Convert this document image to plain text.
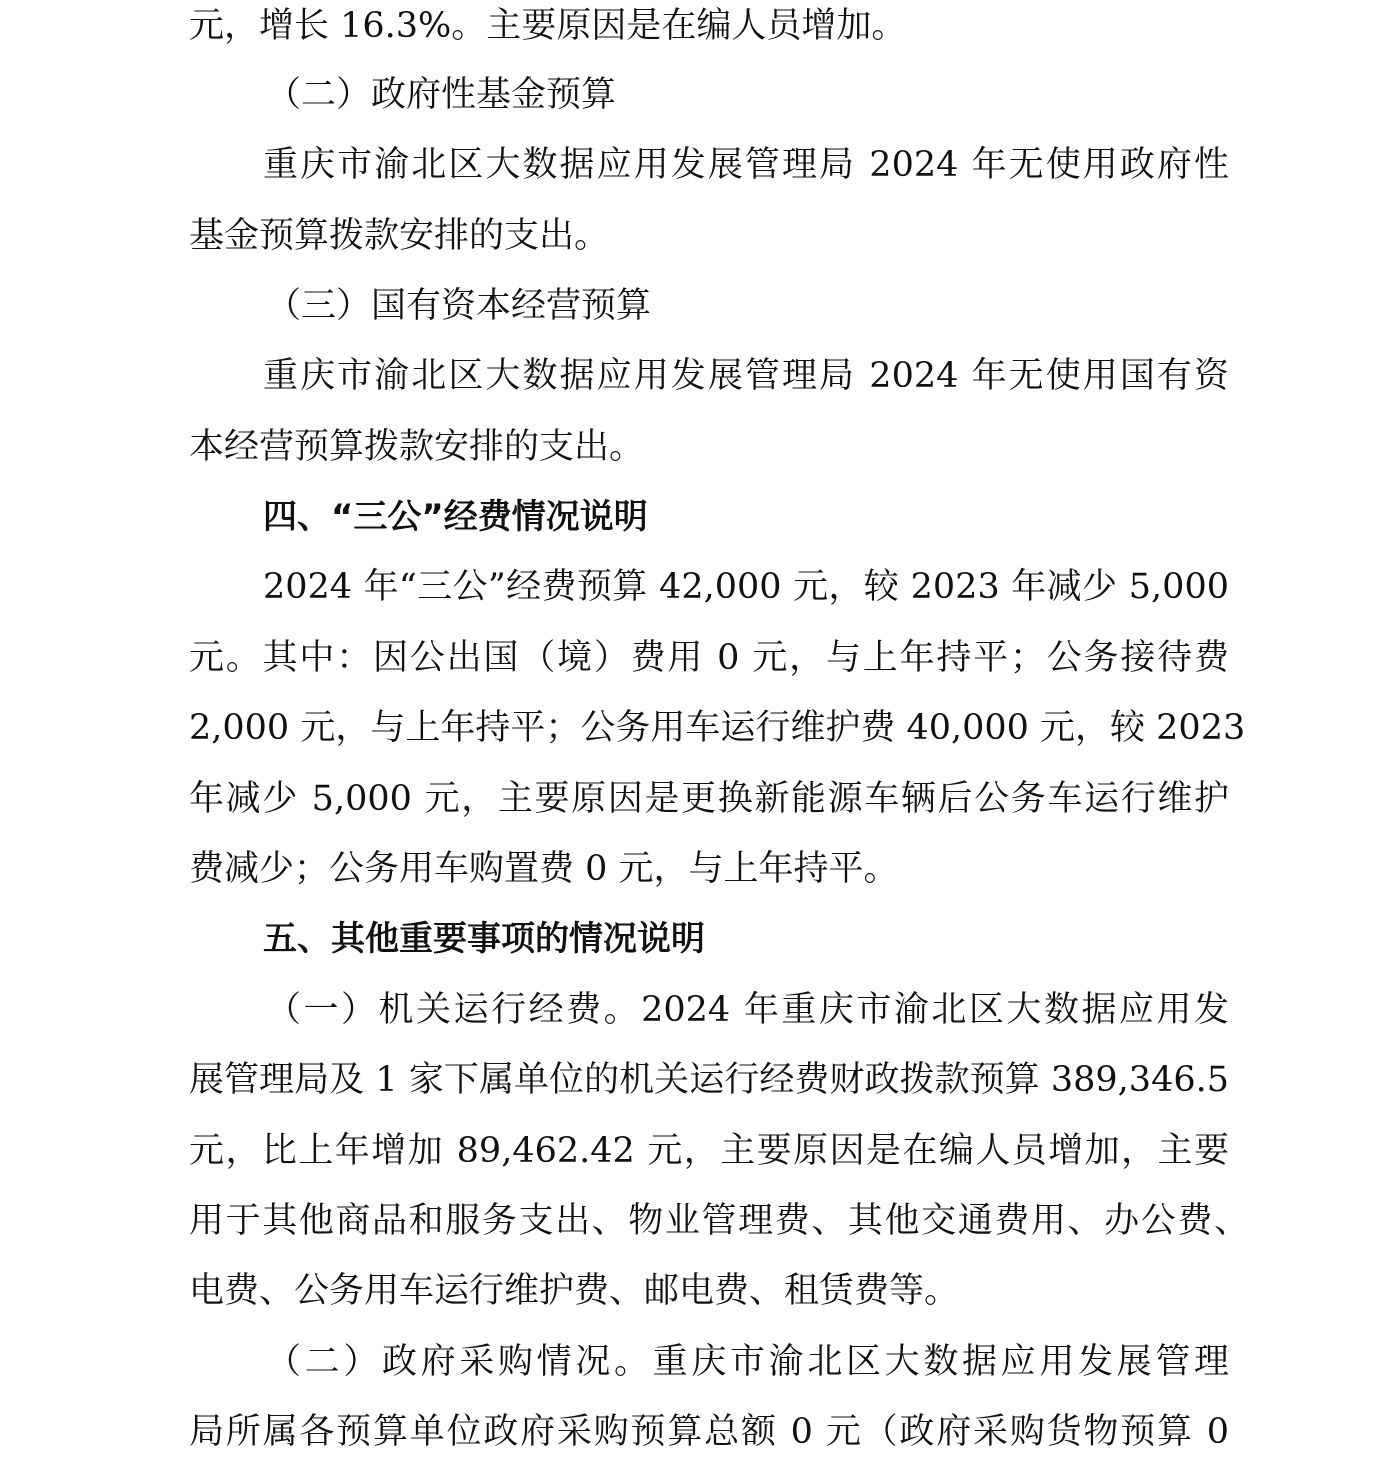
元，增长 16.3%。主要原因是在编人员增加。
（二）政府性基金预算
重庆市渝北区大数据应用发展管理局 2024 年无使用政府性
基金预算拨款安排的支出。
（三）国有资本经营预算
重庆市渝北区大数据应用发展管理局 2024 年无使用国有资
本经营预算拨款安排的支出。
四、“三公”经费情况说明
2024 年“三公”经费预算 42,000 元，较 2023 年减少 5,000
元。其中：因公出国（境）费用 0 元，与上年持平；公务接待费
2,000 元，与上年持平；公务用车运行维护费 40,000 元，较 2023
年减少 5,000 元，主要原因是更换新能源车辆后公务车运行维护
费减少；公务用车购置费 0 元，与上年持平。
五、其他重要事项的情况说明
（一）机关运行经费。2024 年重庆市渝北区大数据应用发
展管理局及 1 家下属单位的机关运行经费财政拨款预算 389,346.5
元，比上年增加 89,462.42 元，主要原因是在编人员增加，主要
用于其他商品和服务支出、物业管理费、其他交通费用、办公费、
电费、公务用车运行维护费、邮电费、租赁费等。
（二）政府采购情况。重庆市渝北区大数据应用发展管理
局所属各预算单位政府采购预算总额 0 元（政府采购货物预算 0
